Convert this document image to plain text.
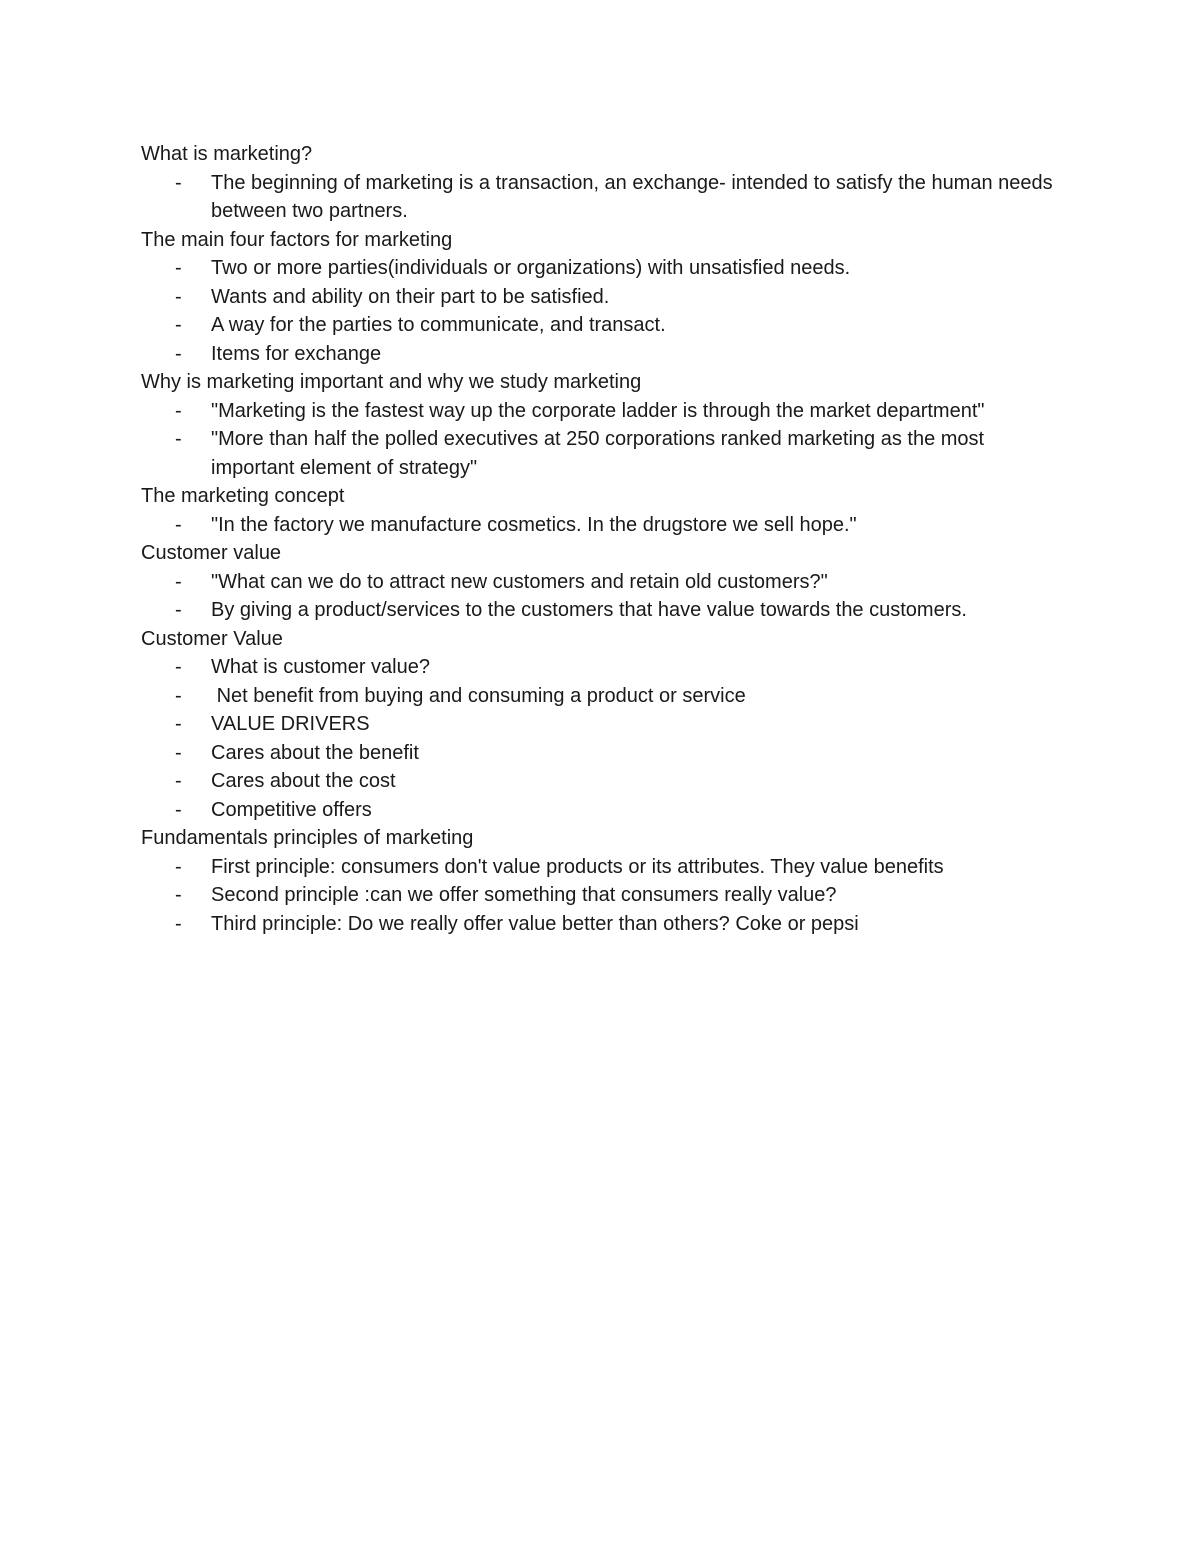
What is marketing?
- The beginning of marketing is a transaction, an exchange- intended to satisfy the human needs between two partners.
The main four factors for marketing
- Two or more parties(individuals or organizations) with unsatisfied needs.
- Wants and ability on their part to be satisfied.
- A way for the parties to communicate, and transact.
- Items for exchange
Why is marketing important and why we study marketing
- "Marketing is the fastest way up the corporate ladder is through the market department"
- "More than half the polled executives at 250 corporations ranked marketing as the most important element of strategy"
The marketing concept
- "In the factory we manufacture cosmetics. In the drugstore we sell hope."
Customer value
- "What can we do to attract new customers and retain old customers?"
- By giving a product/services to the customers that have value towards the customers.
Customer Value
- What is customer value?
- Net benefit from buying and consuming a product or service
- VALUE DRIVERS
- Cares about the benefit
- Cares about the cost
- Competitive offers
Fundamentals principles of marketing
- First principle: consumers don't value products or its attributes. They value benefits
- Second principle :can we offer something that consumers really value?
- Third principle: Do we really offer value better than others? Coke or pepsi
